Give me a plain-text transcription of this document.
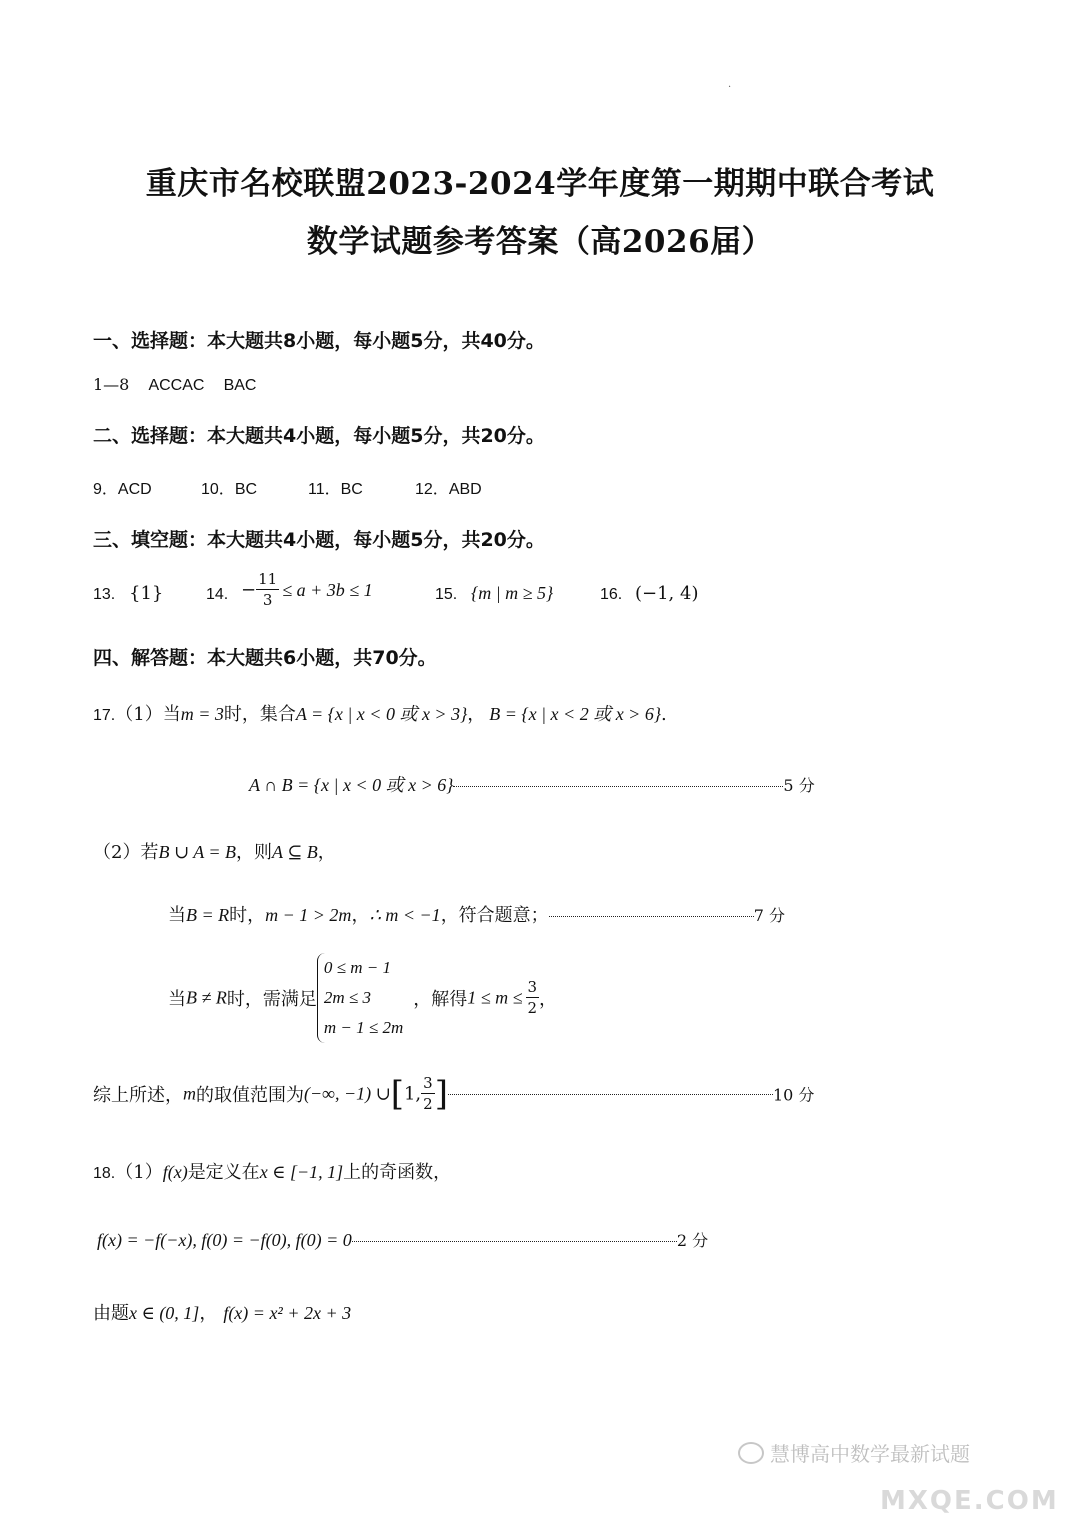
·
重庆市名校联盟2023-2024学年度第一期期中联合考试
数学试题参考答案（高2026届）
一、选择题：本大题共8小题，每小题5分，共40分。
1—8 ACCAC BAC
二、选择题：本大题共4小题，每小题5分，共20分。
9．ACD	10．BC	11．BC	12．ABD
三、填空题：本大题共4小题，每小题5分，共20分。
13. {1}	14. − $\frac{11}{3} \le a + 3b \le 1$	15. {m | m ≥ 5}	16. (−1, 4)
四、解答题：本大题共6小题，共70分。
17.（1）当m = 3时，集合A = {x | x < 0 或 x > 3}， B = {x | x < 2 或 x > 6}.
A ∩ B = {x | x < 0 或 x > 6}	5 分
（2）若B ∪ A = B，则A ⊆ B，
当B = R时，m − 1 > 2m，∴ m < −1，符合题意；	7 分
当B ≠ R时，需满足
0 ≤ m − 1
2m ≤ 3
m − 1 ≤ 2m
，解得$1 \le m \le \frac{3}{2}$ ，
综上所述，m的取值范围为(−∞, −1) ∪[1, $\frac{3}{2}$ ]	10 分
18.（1）f(x)是定义在x ∈ [−1, 1]上的奇函数，
f(x) = −f(−x), f(0) = −f(0), f(0) = 0	2 分
由题x ∈ (0, 1]， f(x) = x² + 2x + 3
慧博高中数学最新试题
MXQE.COM
